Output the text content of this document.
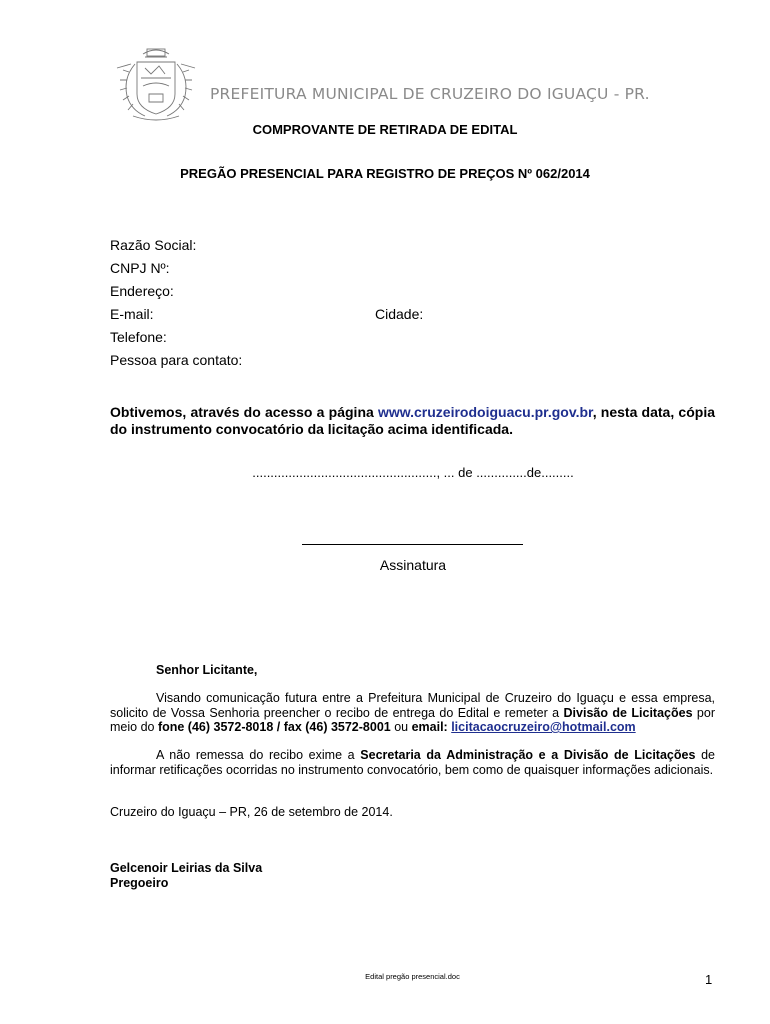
PREFEITURA MUNICIPAL DE CRUZEIRO DO IGUAÇU - PR.
COMPROVANTE DE RETIRADA DE EDITAL
PREGÃO PRESENCIAL PARA REGISTRO DE PREÇOS Nº 062/2014
Razão Social:
CNPJ Nº:
Endereço:
E-mail:	Cidade:
Telefone:
Pessoa para contato:
Obtivemos, através do acesso a página www.cruzeirodoiguacu.pr.gov.br, nesta data, cópia do instrumento convocatório da licitação acima identificada.
..................................................., ... de ..............de.........
Assinatura
Senhor Licitante,
Visando comunicação futura entre a Prefeitura Municipal de Cruzeiro do Iguaçu e essa empresa, solicito de Vossa Senhoria preencher o recibo de entrega do Edital e remeter a Divisão de Licitações por meio do fone (46) 3572-8018 / fax (46) 3572-8001 ou email: licitacaocruzeiro@hotmail.com
A não remessa do recibo exime a Secretaria da Administração e a Divisão de Licitações de informar retificações ocorridas no instrumento convocatório, bem como de quaisquer informações adicionais.
Cruzeiro do Iguaçu – PR, 26 de setembro de 2014.
Gelcenoir Leirias da Silva
Pregoeiro
Edital pregão presencial.doc	1
